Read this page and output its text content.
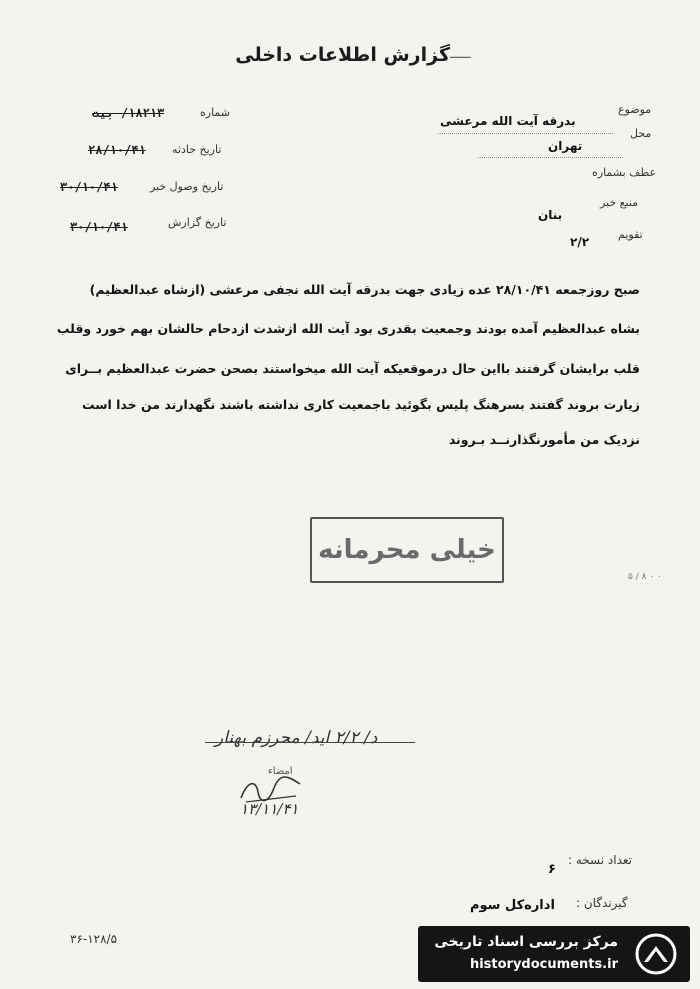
ـــــ
گزارش اطلاعات داخلی
شماره
۱۸۲۱۳/ بیت
تاریخ حادثه
۲۸/۱۰/۴۱
تاریخ وصول خبر
۳۰/۱۰/۴۱
تاریخ گزارش
۳۰/۱۰/۴۱
موضوع
بدرقه آیت الله مرعشی
محل
تهران
عطف بشماره
منبع خبر
بنان
تقویم
۲/۲
صبح روزجمعه ۲۸/۱۰/۴۱ عده زیادی جهت بدرقه آیت الله نجفی مرعشی (ازشاه عبدالعظیم)
بشاه عبدالعظیم آمده بودند وجمعیت بقدری بود آیت الله ازشدت ازدحام حالشان بهم خورد وقلب
قلب برایشان گرفتند بااین حال درموقعیکه آیت الله میخواستند بصحن حضرت عبدالعظیم بــرای
زیارت بروند گفتند بسرهنگ پلیس بگوئید باجمعیت کاری نداشته باشند نگهدارند من خدا است
نزدیک من مأمورنگذارنــد بـروند
خیلی محرمانه
۵ / ۸ ۰ ۰
د/ ۲/۲ اید/ محرزم بهنار
امضاء
۱۳/۱۱/۴۱
تعداد نسخه :
۶
گیرندگان :
اداره‌کل سوم
۳۶-۱۲۸/۵	مرکز بررسی اسناد تاریخی
historydocuments.ir
